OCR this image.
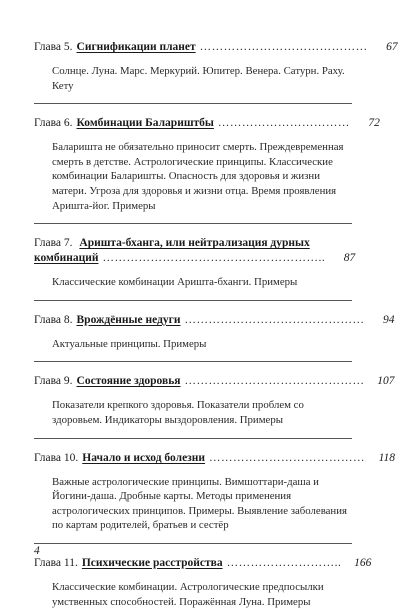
Глава 5. Сигнификации планет ……………………………………	67
Солнце. Луна. Марс. Меркурий. Юпитер. Венера. Сатурн. Раху. Кету
Глава 6. Комбинации Балариштбы ……………………………	72
Баларишта не обязательно приносит смерть. Преждевременная смерть в детстве. Астрологические принципы. Классические комбинации Баларишты. Опасность для здоровья и жизни матери. Угроза для здоровья и жизни отца. Время проявления Аришта-йог. Примеры
Глава 7. Ариштa-бханга, или нейтрализация дурных
комбинаций ………………………………………………..	87
Классические комбинации Ариштa-бханги. Примеры
Глава 8. Врождённые недуги ………………………………………	94
Актуальные принципы. Примеры
Глава 9. Состояние здоровья ………………………………………	107
Показатели крепкого здоровья. Показатели проблем со здоровьем. Индикаторы выздоровления. Примеры
Глава 10. Начало и исход болезни …………………………………	118
Важные астрологические принципы. Вимшоттари-даша и Йогини-даша. Дробные карты. Методы применения астрологических принципов. Примеры. Выявление заболевания по картам родителей, братьев и сестёр
Глава 11. Психические расстройства ………………………..	166
Классические комбинации. Астрологические предпосылки умственных способностей. Поражённая Луна. Примеры
4
